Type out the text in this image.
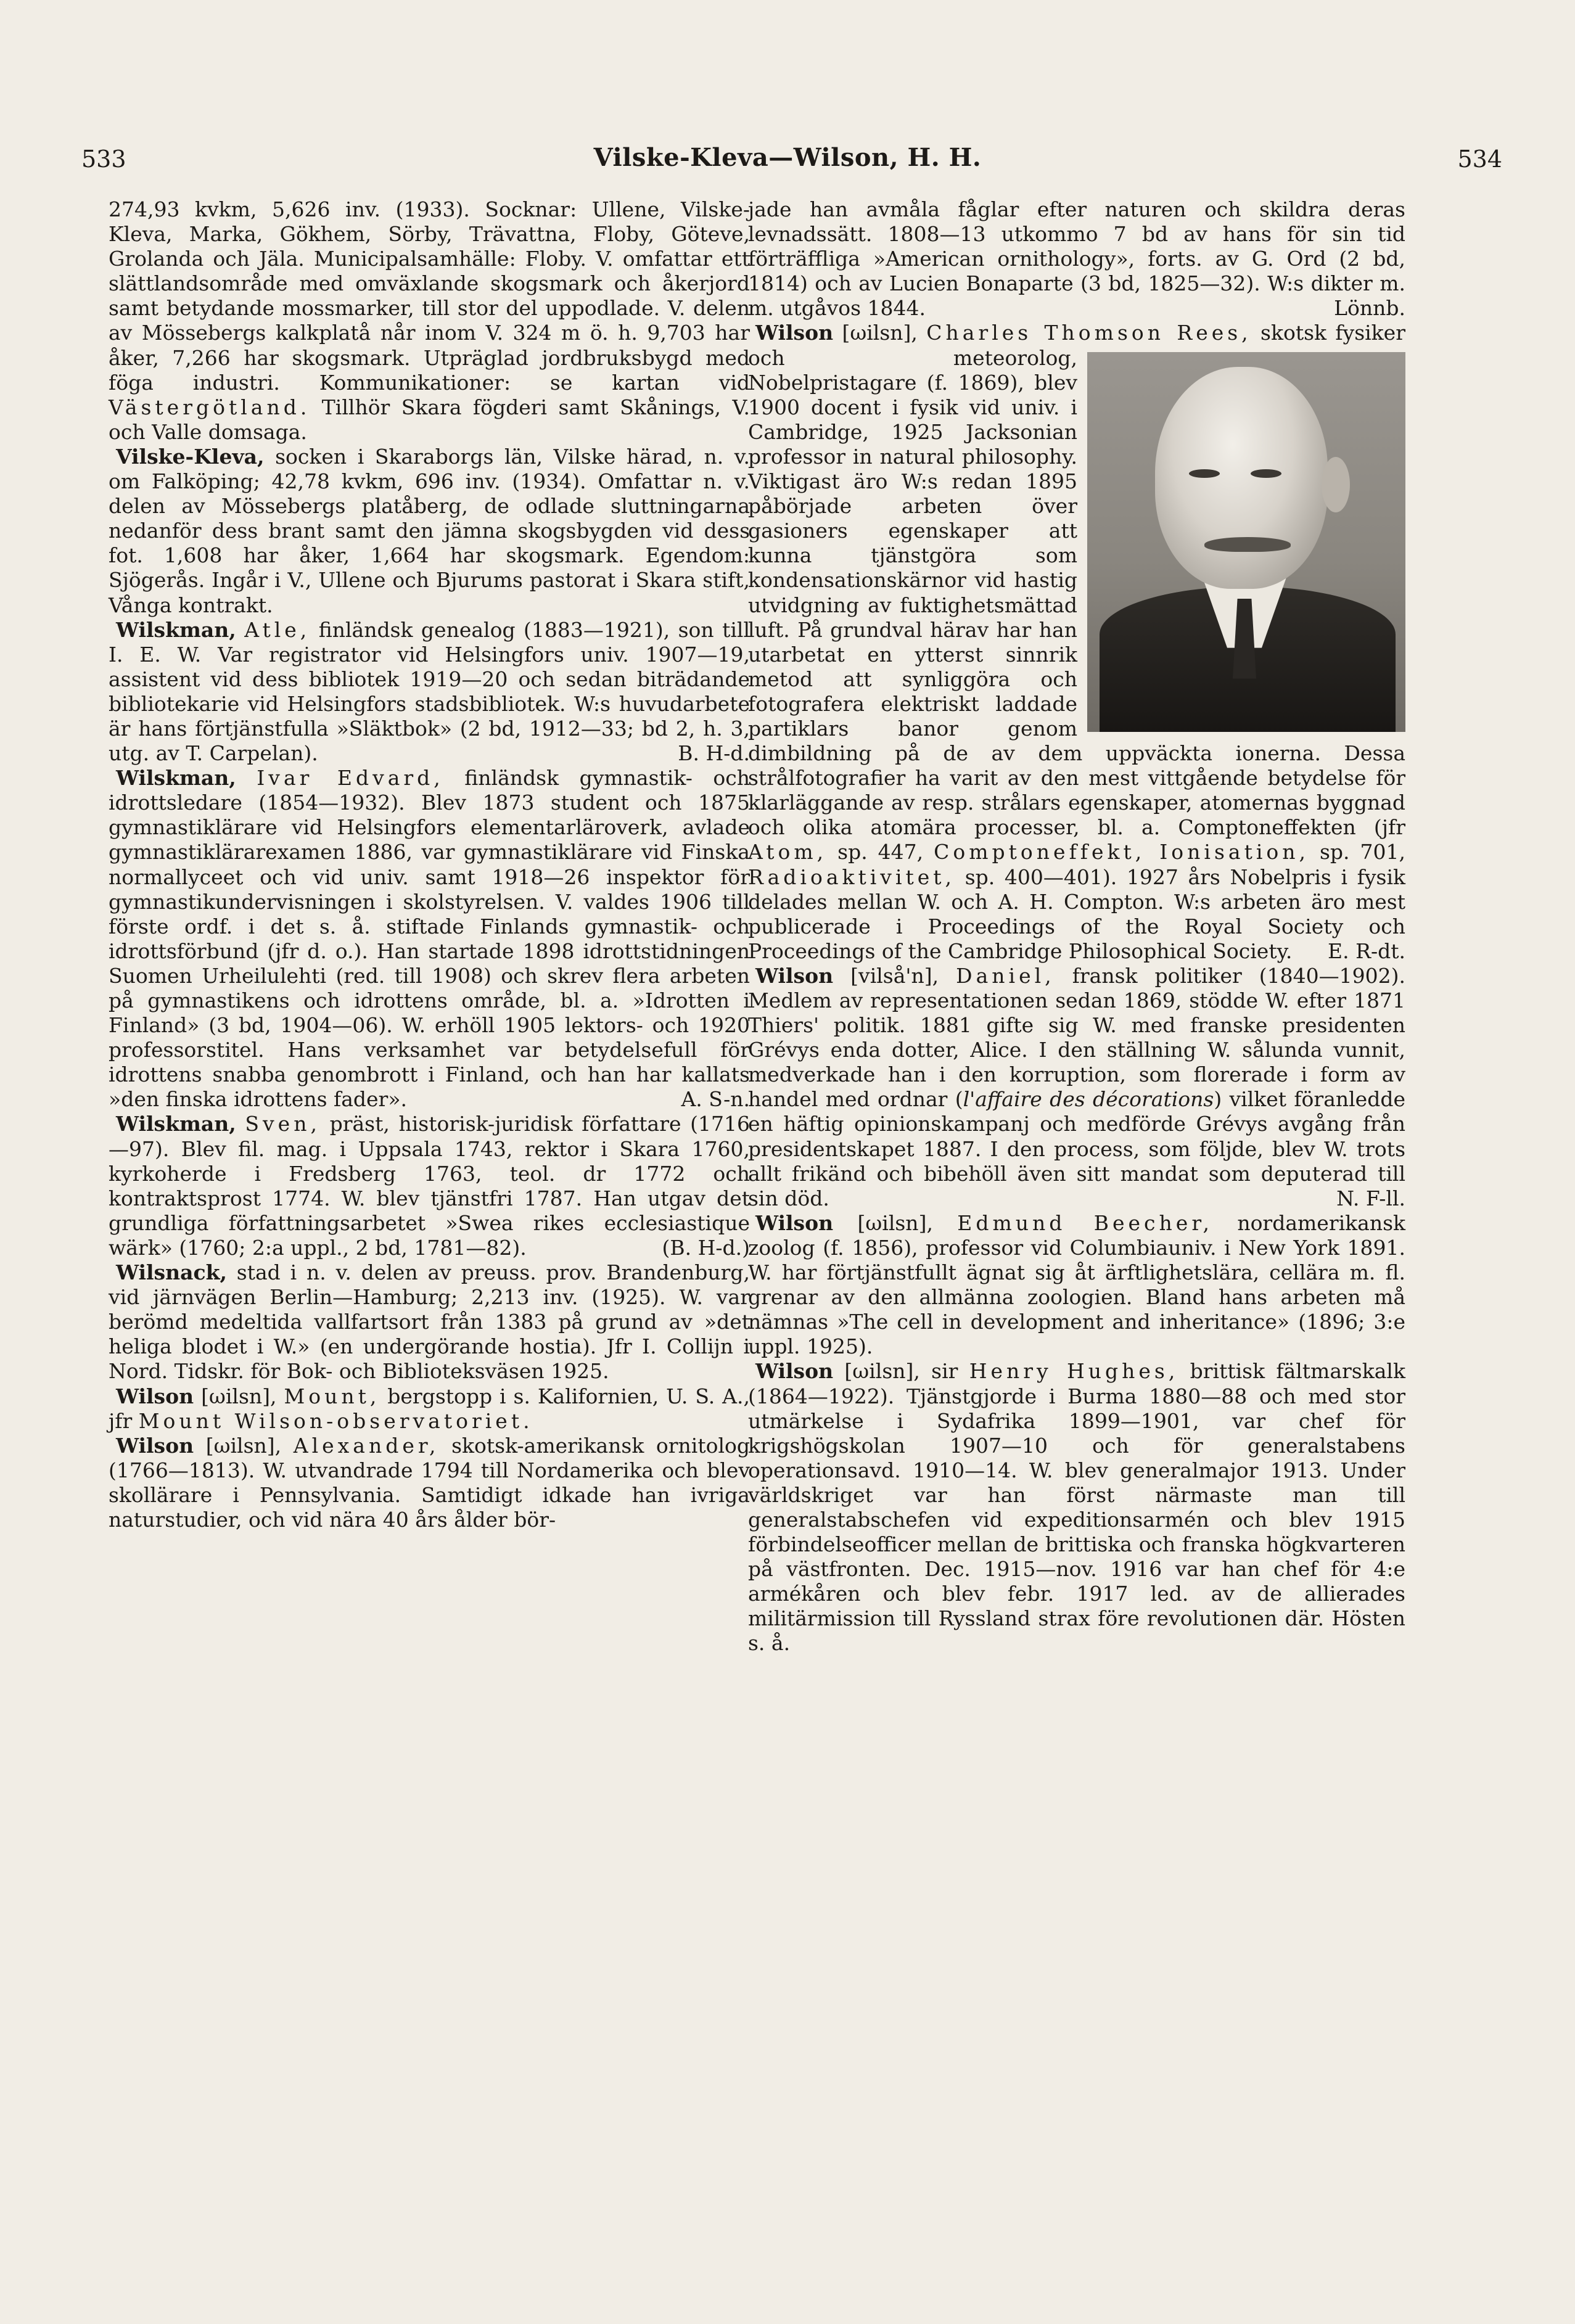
533	Vilske-Kleva—Wilson, H. H.	534

274,93 kvkm, 5,626 inv. (1933). Socknar: Ullene, Vilske-Kleva, Marka, Gökhem, Sörby, Trävattna, Floby, Göteve, Grolanda och Jäla. Municipalsamhälle: Floby. V. omfattar ett slättlandsområde med omväxlande skogsmark och åkerjord samt betydande mossmarker, till stor del uppodlade. V. delen av Mössebergs kalkplatå når inom V. 324 m ö. h. 9,703 har åker, 7,266 har skogsmark. Utpräglad jordbruksbygd med föga industri. Kommunikationer: se kartan vid Västergötland. Tillhör Skara fögderi samt Skånings, V. och Valle domsaga.

Vilske-Kleva, socken i Skaraborgs län, Vilske härad, n. v. om Falköping; 42,78 kvkm, 696 inv. (1934). Omfattar n. v. delen av Mössebergs platåberg, de odlade sluttningarna nedanför dess brant samt den jämna skogsbygden vid dess fot. 1,608 har åker, 1,664 har skogsmark. Egendom: Sjögerås. Ingår i V., Ullene och Bjurums pastorat i Skara stift, Vånga kontrakt.

Wilskman, Atle, finländsk genealog (1883—1921), son till I. E. W. Var registrator vid Helsingfors univ. 1907—19, assistent vid dess bibliotek 1919—20 och sedan biträdande bibliotekarie vid Helsingfors stadsbibliotek. W:s huvudarbete är hans förtjänstfulla »Släktbok» (2 bd, 1912—33; bd 2, h. 3, utg. av T. Carpelan).	B. H-d.

Wilskman, Ivar Edvard, finländsk gymnastik- och idrottsledare (1854—1932). Blev 1873 student och 1875 gymnastiklärare vid Helsingfors elementarläroverk, avlade gymnastiklärarexamen 1886, var gymnastiklärare vid Finska normallyceet och vid univ. samt 1918—26 inspektor för gymnastikundervisningen i skolstyrelsen. V. valdes 1906 till förste ordf. i det s. å. stiftade Finlands gymnastik- och idrottsförbund (jfr d. o.). Han startade 1898 idrottstidningen Suomen Urheilulehti (red. till 1908) och skrev flera arbeten på gymnastikens och idrottens område, bl. a. »Idrotten i Finland» (3 bd, 1904—06). W. erhöll 1905 lektors- och 1920 professorstitel. Hans verksamhet var betydelsefull för idrottens snabba genombrott i Finland, och han har kallats »den finska idrottens fader».	A. S-n.

Wilskman, Sven, präst, historisk-juridisk författare (1716—97). Blev fil. mag. i Uppsala 1743, rektor i Skara 1760, kyrkoherde i Fredsberg 1763, teol. dr 1772 och kontraktsprost 1774. W. blev tjänstfri 1787. Han utgav det grundliga författningsarbetet »Swea rikes ecclesiastique wärk» (1760; 2:a uppl., 2 bd, 1781—82).	(B. H-d.)

Wilsnack, stad i n. v. delen av preuss. prov. Brandenburg, vid järnvägen Berlin—Hamburg; 2,213 inv. (1925). W. var berömd medeltida vallfartsort från 1383 på grund av »det heliga blodet i W.» (en undergörande hostia). Jfr I. Collijn i Nord. Tidskr. för Bok- och Biblioteksväsen 1925.

Wilson [ωilsn], Mount, bergstopp i s. Kalifornien, U. S. A., jfr Mount Wilson-observatoriet.

Wilson [ωilsn], Alexander, skotsk-amerikansk ornitolog (1766—1813). W. utvandrade 1794 till Nordamerika och blev skollärare i Pennsylvania. Samtidigt idkade han ivriga naturstudier, och vid nära 40 års ålder bör-

jade han avmåla fåglar efter naturen och skildra deras levnadssätt. 1808—13 utkommo 7 bd av hans för sin tid förträffliga »American ornithology», forts. av G. Ord (2 bd, 1814) och av Lucien Bonaparte (3 bd, 1825—32). W:s dikter m. m. utgåvos 1844.	Lönnb.

Wilson [ωilsn], Charles Thomson Rees, skotsk fysiker och meteorolog, Nobelpristagare (f. 1869), blev 1900 docent i fysik vid univ. i Cambridge, 1925 Jacksonian professor in natural philosophy. Viktigast äro W:s redan 1895 påbörjade arbeten över gasioners egenskaper att kunna tjänstgöra som kondensationskärnor vid hastig utvidgning av fuktighetsmättad luft. På grundval härav har han utarbetat en ytterst sinnrik metod att synliggöra och fotografera elektriskt laddade partiklars banor genom dimbildning på de av dem uppväckta ionerna. Dessa strålfotografier ha varit av den mest vittgående betydelse för klarläggande av resp. strålars egenskaper, atomernas byggnad och olika atomära processer, bl. a. Comptoneffekten (jfr Atom, sp. 447, Comptoneffekt, Ionisation, sp. 701, Radioaktivitet, sp. 400—401). 1927 års Nobelpris i fysik delades mellan W. och A. H. Compton. W:s arbeten äro mest publicerade i Proceedings of the Royal Society och Proceedings of the Cambridge Philosophical Society.	E. R-dt.

Wilson [vilså'n], Daniel, fransk politiker (1840—1902). Medlem av representationen sedan 1869, stödde W. efter 1871 Thiers' politik. 1881 gifte sig W. med franske presidenten Grévys enda dotter, Alice. I den ställning W. sålunda vunnit, medverkade han i den korruption, som florerade i form av handel med ordnar (l'affaire des décorations) vilket föranledde en häftig opinionskampanj och medförde Grévys avgång från presidentskapet 1887. I den process, som följde, blev W. trots allt frikänd och bibehöll även sitt mandat som deputerad till sin död.	N. F-ll.

Wilson [ωilsn], Edmund Beecher, nordamerikansk zoolog (f. 1856), professor vid Columbiauniv. i New York 1891. W. har förtjänstfullt ägnat sig åt ärftlighetslära, cellära m. fl. grenar av den allmänna zoologien. Bland hans arbeten må nämnas »The cell in development and inheritance» (1896; 3:e uppl. 1925).

Wilson [ωilsn], sir Henry Hughes, brittisk fältmarskalk (1864—1922). Tjänstgjorde i Burma 1880—88 och med stor utmärkelse i Sydafrika 1899—1901, var chef för krigshögskolan 1907—10 och för generalstabens operationsavd. 1910—14. W. blev generalmajor 1913. Under världskriget var han först närmaste man till generalstabschefen vid expeditionsarmén och blev 1915 förbindelseofficer mellan de brittiska och franska högkvarteren på västfronten. Dec. 1915—nov. 1916 var han chef för 4:e armékåren och blev febr. 1917 led. av de allierades militärmission till Ryssland strax före revolutionen där. Hösten s. å.
